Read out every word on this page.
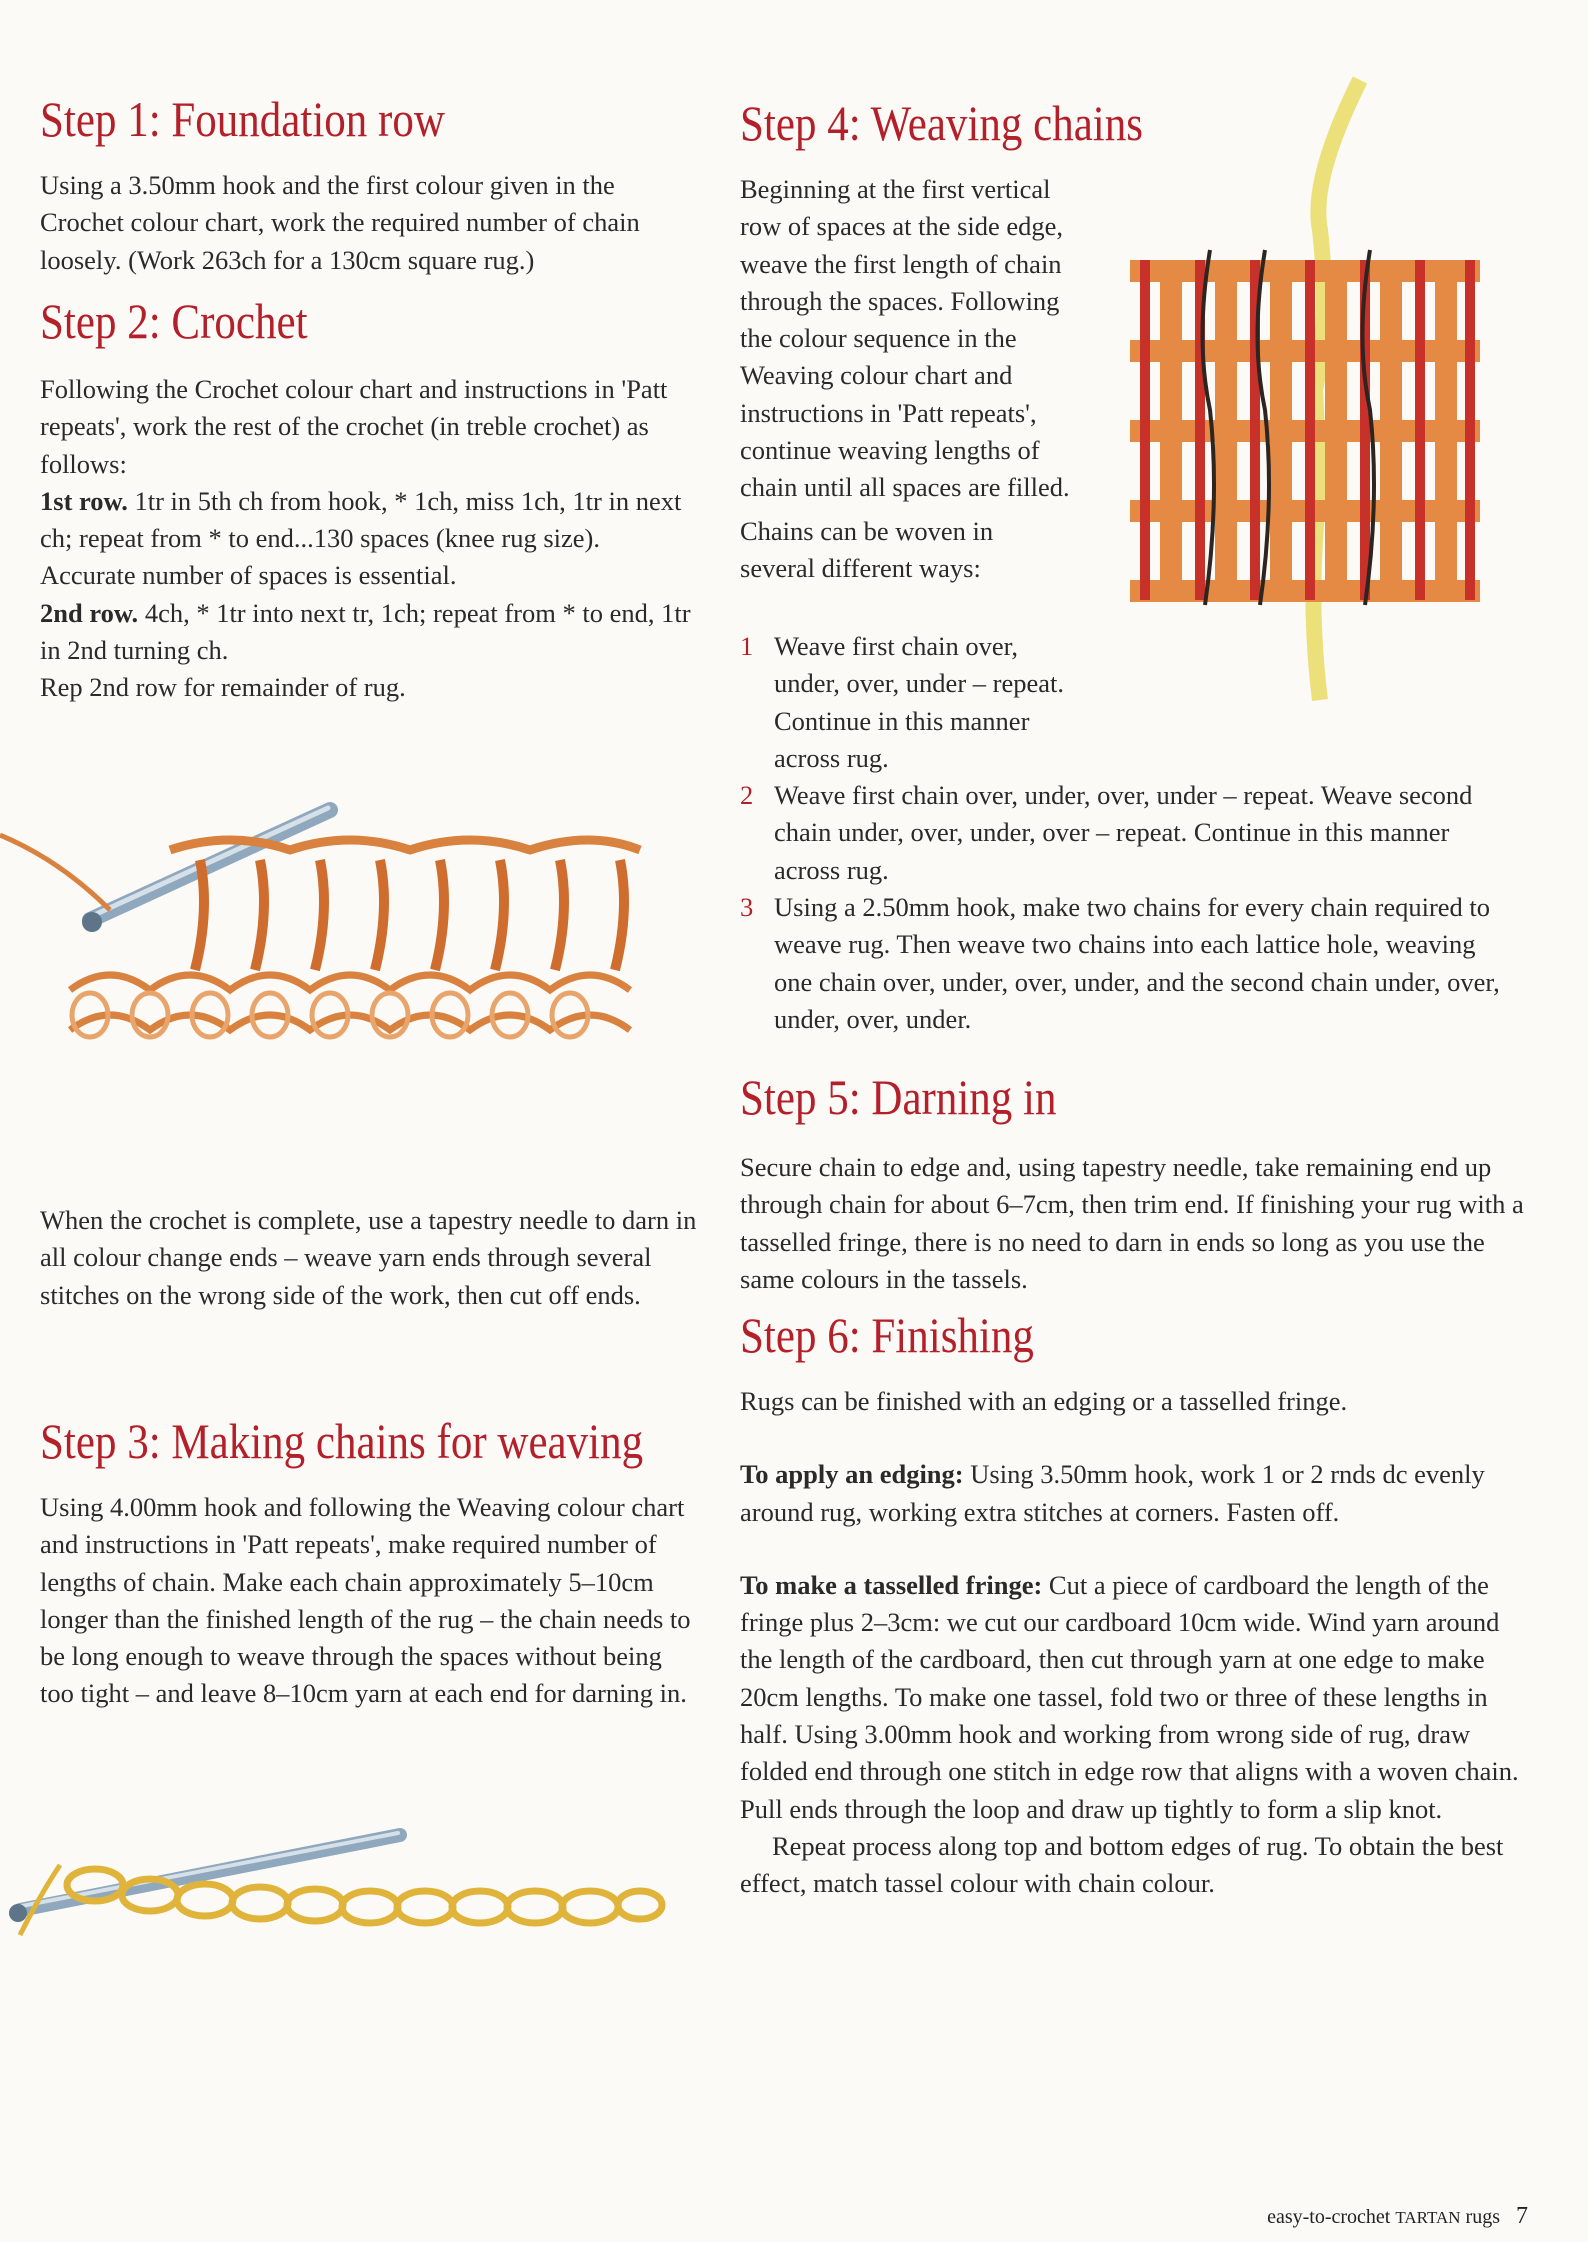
Step 1: Foundation row

Using a 3.50mm hook and the first colour given in the Crochet colour chart, work the required number of chain loosely. (Work 263ch for a 130cm square rug.)

Step 2: Crochet

Following the Crochet colour chart and instructions in 'Patt repeats', work the rest of the crochet (in treble crochet) as follows:

1st row. 1tr in 5th ch from hook, * 1ch, miss 1ch, 1tr in next ch; repeat from * to end...130 spaces (knee rug size). Accurate number of spaces is essential.

2nd row. 4ch, * 1tr into next tr, 1ch; repeat from * to end, 1tr in 2nd turning ch.

Rep 2nd row for remainder of rug.

When the crochet is complete, use a tapestry needle to darn in all colour change ends – weave yarn ends through several stitches on the wrong side of the work, then cut off ends.

Step 3: Making chains for weaving

Using 4.00mm hook and following the Weaving colour chart and instructions in 'Patt repeats', make required number of lengths of chain. Make each chain approximately 5–10cm longer than the finished length of the rug – the chain needs to be long enough to weave through the spaces without being too tight – and leave 8–10cm yarn at each end for darning in.

Step 4: Weaving chains

Beginning at the first vertical row of spaces at the side edge, weave the first length of chain through the spaces. Following the colour sequence in the Weaving colour chart and instructions in 'Patt repeats', continue weaving lengths of chain until all spaces are filled.

Chains can be woven in several different ways:

1 Weave first chain over, under, over, under – repeat. Continue in this manner across rug.
2 Weave first chain over, under, over, under – repeat. Weave second chain under, over, under, over – repeat. Continue in this manner across rug.
3 Using a 2.50mm hook, make two chains for every chain required to weave rug. Then weave two chains into each lattice hole, weaving one chain over, under, over, under, and the second chain under, over, under, over, under.
Step 5: Darning in

Secure chain to edge and, using tapestry needle, take remaining end up through chain for about 6–7cm, then trim end. If finishing your rug with a tasselled fringe, there is no need to darn in ends so long as you use the same colours in the tassels.

Step 6: Finishing

Rugs can be finished with an edging or a tasselled fringe.

To apply an edging: Using 3.50mm hook, work 1 or 2 rnds dc evenly around rug, working extra stitches at corners. Fasten off.

To make a tasselled fringe: Cut a piece of cardboard the length of the fringe plus 2–3cm: we cut our cardboard 10cm wide. Wind yarn around the length of the cardboard, then cut through yarn at one edge to make 20cm lengths. To make one tassel, fold two or three of these lengths in half. Using 3.00mm hook and working from wrong side of rug, draw folded end through one stitch in edge row that aligns with a woven chain. Pull ends through the loop and draw up tightly to form a slip knot.

Repeat process along top and bottom edges of rug. To obtain the best effect, match tassel colour with chain colour.

easy-to-crochet TARTAN rugs 7
